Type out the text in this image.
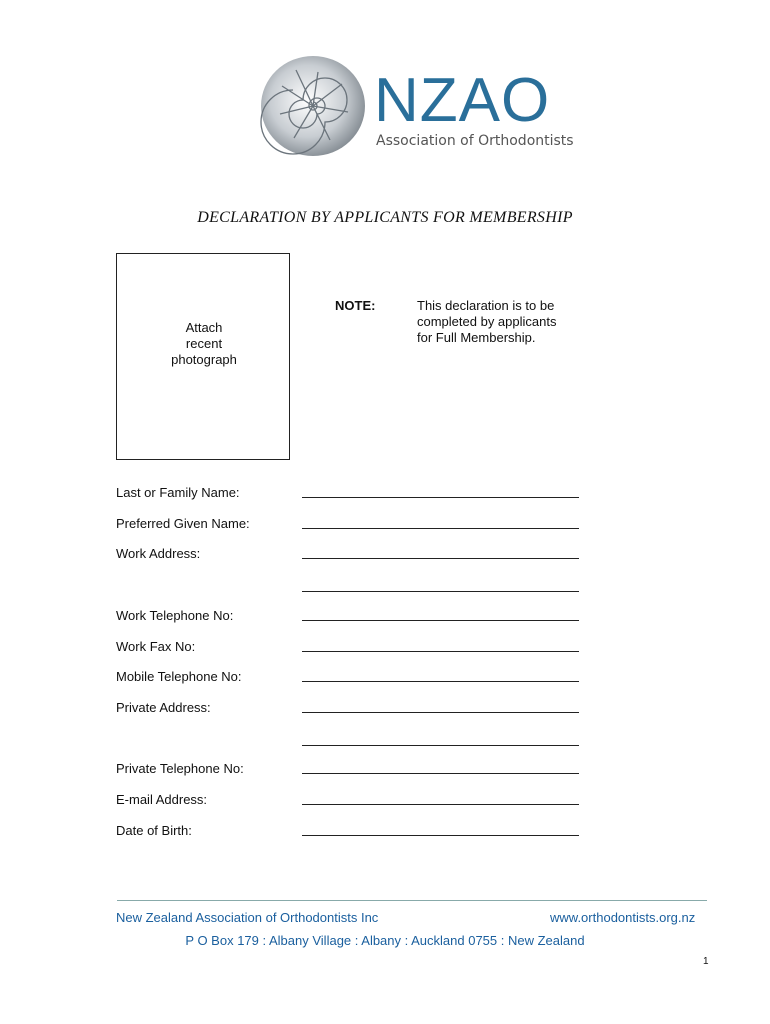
NZAO
Association of Orthodontists
DECLARATION BY APPLICANTS FOR MEMBERSHIP
Attach
recent
photograph
NOTE:	This declaration is to be
completed by applicants
for Full Membership.
Last or Family Name:
Preferred Given Name:
Work Address:
Work Telephone No:
Work Fax No:
Mobile Telephone No:
Private Address:
Private Telephone No:
E-mail Address:
Date of Birth:
New Zealand Association of Orthodontists Inc	www.orthodontists.org.nz
P O Box 179 : Albany Village : Albany : Auckland 0755 : New Zealand
1
